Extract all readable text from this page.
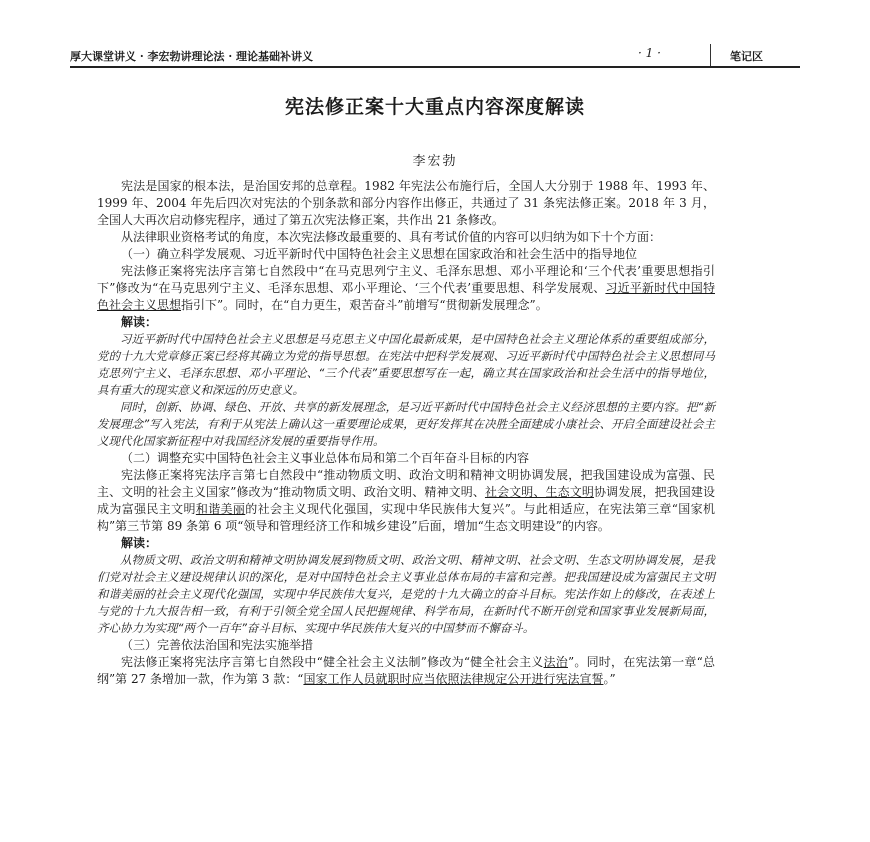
厚大课堂讲义 · 李宏勃讲理论法 · 理论基础补讲义	· 1 ·	笔记区
宪法修正案十大重点内容深度解读
李宏勃

宪法是国家的根本法，是治国安邦的总章程。1982 年宪法公布施行后，全国人大分别于 1988 年、1993 年、1999 年、2004 年先后四次对宪法的个别条款和部分内容作出修正，共通过了 31 条宪法修正案。2018 年 3 月，全国人大再次启动修宪程序，通过了第五次宪法修正案，共作出 21 条修改。

从法律职业资格考试的角度，本次宪法修改最重要的、具有考试价值的内容可以归纳为如下十个方面：

（一）确立科学发展观、习近平新时代中国特色社会主义思想在国家政治和社会生活中的指导地位

宪法修正案将宪法序言第七自然段中“在马克思列宁主义、毛泽东思想、邓小平理论和‘三个代表’重要思想指引下”修改为“在马克思列宁主义、毛泽东思想、邓小平理论、‘三个代表’重要思想、科学发展观、习近平新时代中国特色社会主义思想指引下”。同时，在“自力更生，艰苦奋斗”前增写“贯彻新发展理念”。

解读：

习近平新时代中国特色社会主义思想是马克思主义中国化最新成果，是中国特色社会主义理论体系的重要组成部分，党的十九大党章修正案已经将其确立为党的指导思想。在宪法中把科学发展观、习近平新时代中国特色社会主义思想同马克思列宁主义、毛泽东思想、邓小平理论、“三个代表”重要思想写在一起，确立其在国家政治和社会生活中的指导地位，具有重大的现实意义和深远的历史意义。

同时，创新、协调、绿色、开放、共享的新发展理念，是习近平新时代中国特色社会主义经济思想的主要内容。把“新发展理念”写入宪法，有利于从宪法上确认这一重要理论成果，更好发挥其在决胜全面建成小康社会、开启全面建设社会主义现代化国家新征程中对我国经济发展的重要指导作用。

（二）调整充实中国特色社会主义事业总体布局和第二个百年奋斗目标的内容

宪法修正案将宪法序言第七自然段中“推动物质文明、政治文明和精神文明协调发展，把我国建设成为富强、民主、文明的社会主义国家”修改为“推动物质文明、政治文明、精神文明、社会文明、生态文明协调发展，把我国建设成为富强民主文明和谐美丽的社会主义现代化强国，实现中华民族伟大复兴”。与此相适应，在宪法第三章“国家机构”第三节第 89 条第 6 项“领导和管理经济工作和城乡建设”后面，增加“生态文明建设”的内容。

解读：

从物质文明、政治文明和精神文明协调发展到物质文明、政治文明、精神文明、社会文明、生态文明协调发展，是我们党对社会主义建设规律认识的深化，是对中国特色社会主义事业总体布局的丰富和完善。把我国建设成为富强民主文明和谐美丽的社会主义现代化强国，实现中华民族伟大复兴，是党的十九大确立的奋斗目标。宪法作如上的修改，在表述上与党的十九大报告相一致，有利于引领全党全国人民把握规律、科学布局，在新时代不断开创党和国家事业发展新局面，齐心协力为实现“两个一百年”奋斗目标、实现中华民族伟大复兴的中国梦而不懈奋斗。

（三）完善依法治国和宪法实施举措

宪法修正案将宪法序言第七自然段中“健全社会主义法制”修改为“健全社会主义法治”。同时，在宪法第一章“总纲”第 27 条增加一款，作为第 3 款：“国家工作人员就职时应当依照法律规定公开进行宪法宣誓。”
